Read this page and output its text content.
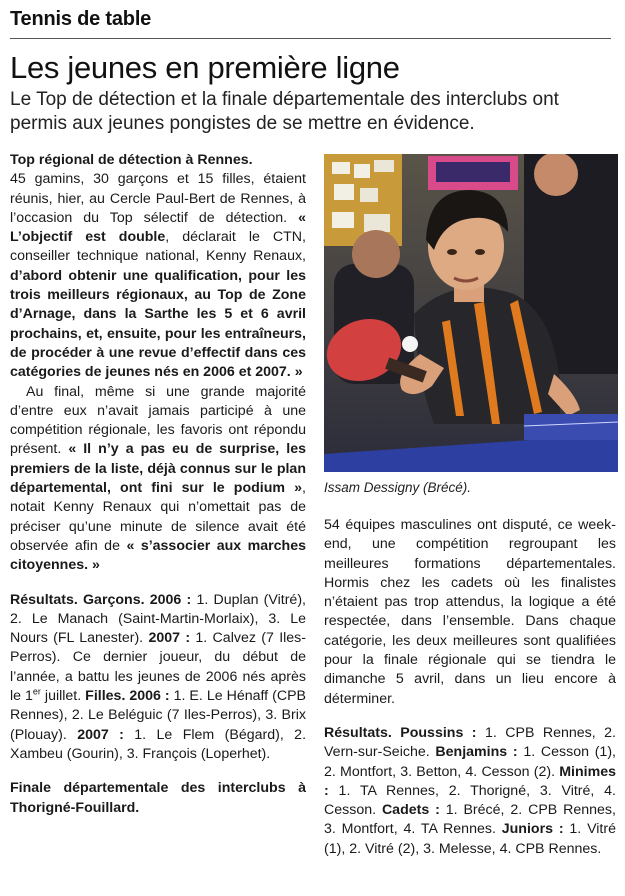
Tennis de table
Les jeunes en première ligne
Le Top de détection et la finale départementale des interclubs ont permis aux jeunes pongistes de se mettre en évidence.

Top régional de détection à Rennes.
45 gamins, 30 garçons et 15 filles, étaient réunis, hier, au Cercle Paul-Bert de Rennes, à l’occasion du Top sélectif de détection. « L’objectif est double, déclarait le CTN, conseiller technique national, Kenny Renaux, d’abord obtenir une qualification, pour les trois meilleurs régionaux, au Top de Zone d’Arnage, dans la Sarthe les 5 et 6 avril prochains, et, ensuite, pour les entraîneurs, de procéder à une revue d’effectif dans ces catégories de jeunes nés en 2006 et 2007. »

Au final, même si une grande majorité d’entre eux n’avait jamais participé à une compétition régionale, les favoris ont répondu présent. « Il n’y a pas eu de surprise, les premiers de la liste, déjà connus sur le plan départemental, ont fini sur le podium », notait Kenny Renaux qui n’omettait pas de préciser qu’une minute de silence avait été observée afin de « s’associer aux marches citoyennes. »

Résultats. Garçons. 2006 : 1. Duplan (Vitré), 2. Le Manach (Saint-Martin-Morlaix), 3. Le Nours (FL Lanester). 2007 : 1. Calvez (7 Iles-Perros). Ce dernier joueur, du début de l’année, a battu les jeunes de 2006 nés après le 1er juillet. Filles. 2006 : 1. E. Le Hénaff (CPB Rennes), 2. Le Beléguic (7 Iles-Perros), 3. Brix (Plouay). 2007 : 1. Le Flem (Bégard), 2. Xambeu (Gourin), 3. François (Loperhet).

Finale départementale des interclubs à Thorigné-Fouillard.

Issam Dessigny (Brécé).

54 équipes masculines ont disputé, ce week-end, une compétition regroupant les meilleures formations départementales. Hormis chez les cadets où les finalistes n’étaient pas trop attendus, la logique a été respectée, dans l’ensemble. Dans chaque catégorie, les deux meilleures sont qualifiées pour la finale régionale qui se tiendra le dimanche 5 avril, dans un lieu encore à déterminer.

Résultats. Poussins : 1. CPB Rennes, 2. Vern-sur-Seiche. Benjamins : 1. Cesson (1), 2. Montfort, 3. Betton, 4. Cesson (2). Minimes : 1. TA Rennes, 2. Thorigné, 3. Vitré, 4. Cesson. Cadets : 1. Brécé, 2. CPB Rennes, 3. Montfort, 4. TA Rennes. Juniors : 1. Vitré (1), 2. Vitré (2), 3. Melesse, 4. CPB Rennes.
